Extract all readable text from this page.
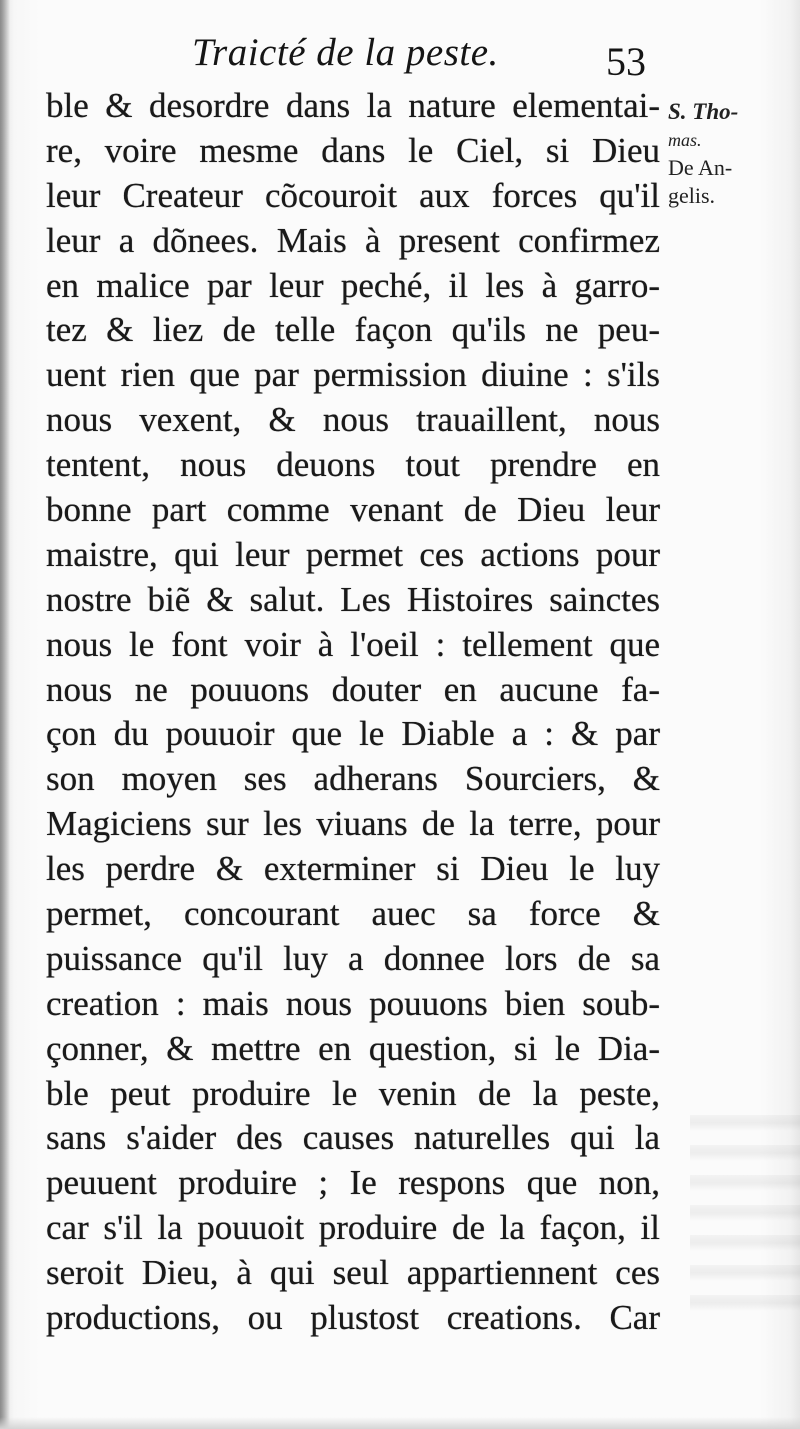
Traicté de la peste.	53
S. Tho-
mas.
De An-
gelis.
ble & desordre dans la nature elementai-
re, voire mesme dans le Ciel, si Dieu
leur Createur cõcouroit aux forces qu'il
leur a dõnees. Mais à present confirmez
en malice par leur peché, il les à garro-
tez & liez de telle façon qu'ils ne peu-
uent rien que par permission diuine : s'ils
nous vexent, & nous trauaillent, nous
tentent, nous deuons tout prendre en
bonne part comme venant de Dieu leur
maistre, qui leur permet ces actions pour
nostre biẽ & salut. Les Histoires sainctes
nous le font voir à l'oeil : tellement que
nous ne pouuons douter en aucune fa-
çon du pouuoir que le Diable a : & par
son moyen ses adherans Sourciers, &
Magiciens sur les viuans de la terre, pour
les perdre & exterminer si Dieu le luy
permet, concourant auec sa force &
puissance qu'il luy a donnee lors de sa
creation : mais nous pouuons bien soub-
çonner, & mettre en question, si le Dia-
ble peut produire le venin de la peste,
sans s'aider des causes naturelles qui la
peuuent produire ; Ie respons que non,
car s'il la pouuoit produire de la façon, il
seroit Dieu, à qui seul appartiennent ces
productions, ou plustost creations. Car
